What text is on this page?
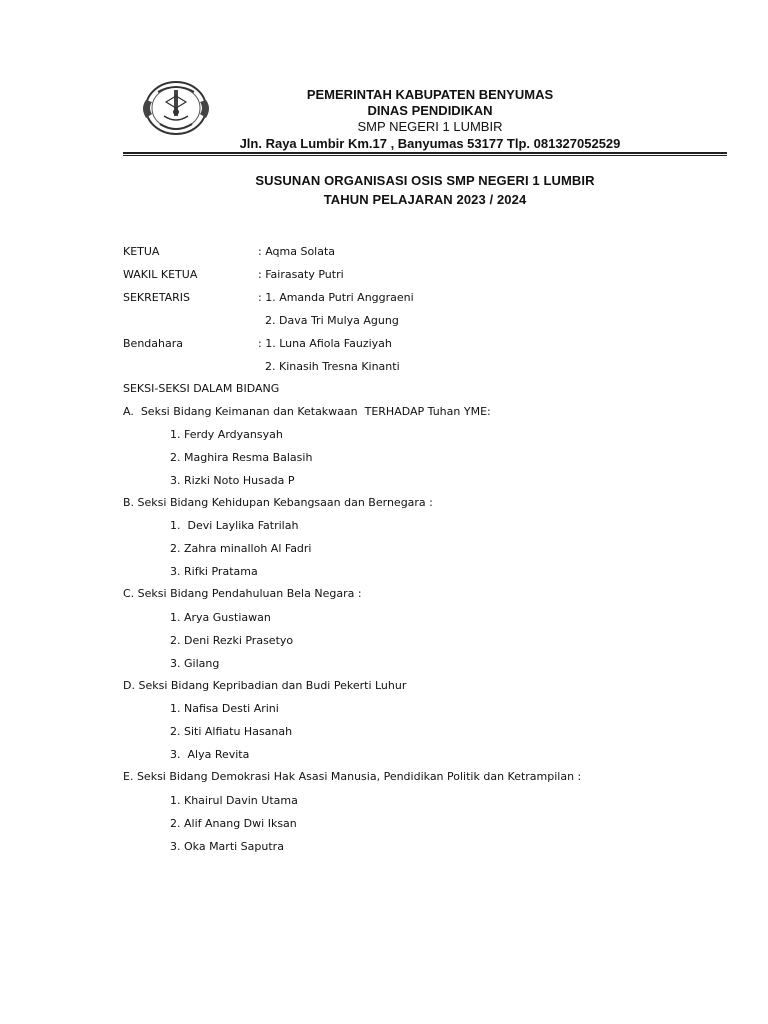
PEMERINTAH KABUPATEN BENYUMAS
DINAS PENDIDIKAN
SMP NEGERI 1 LUMBIR
Jln. Raya Lumbir Km.17 , Banyumas 53177 Tlp. 081327052529
SUSUNAN ORGANISASI OSIS SMP NEGERI 1 LUMBIR
TAHUN PELAJARAN 2023 / 2024
KETUA	: Aqma Solata
WAKIL KETUA	: Fairasaty Putri
SEKRETARIS	: 1. Amanda Putri Anggraeni
2. Dava Tri Mulya Agung
Bendahara	: 1. Luna Afiola Fauziyah
2. Kinasih Tresna Kinanti
SEKSI-SEKSI DALAM BIDANG
A.  Seksi Bidang Keimanan dan Ketakwaan  TERHADAP Tuhan YME:
1. Ferdy Ardyansyah
2. Maghira Resma Balasih
3. Rizki Noto Husada P
B. Seksi Bidang Kehidupan Kebangsaan dan Bernegara :
1.  Devi Laylika Fatrilah
2. Zahra minalloh Al Fadri
3. Rifki Pratama
C. Seksi Bidang Pendahuluan Bela Negara :
1. Arya Gustiawan
2. Deni Rezki Prasetyo
3. Gilang
D. Seksi Bidang Kepribadian dan Budi Pekerti Luhur
1. Nafisa Desti Arini
2. Siti Alfiatu Hasanah
3.  Alya Revita
E. Seksi Bidang Demokrasi Hak Asasi Manusia, Pendidikan Politik dan Ketrampilan :
1. Khairul Davin Utama
2. Alif Anang Dwi Iksan
3. Oka Marti Saputra
